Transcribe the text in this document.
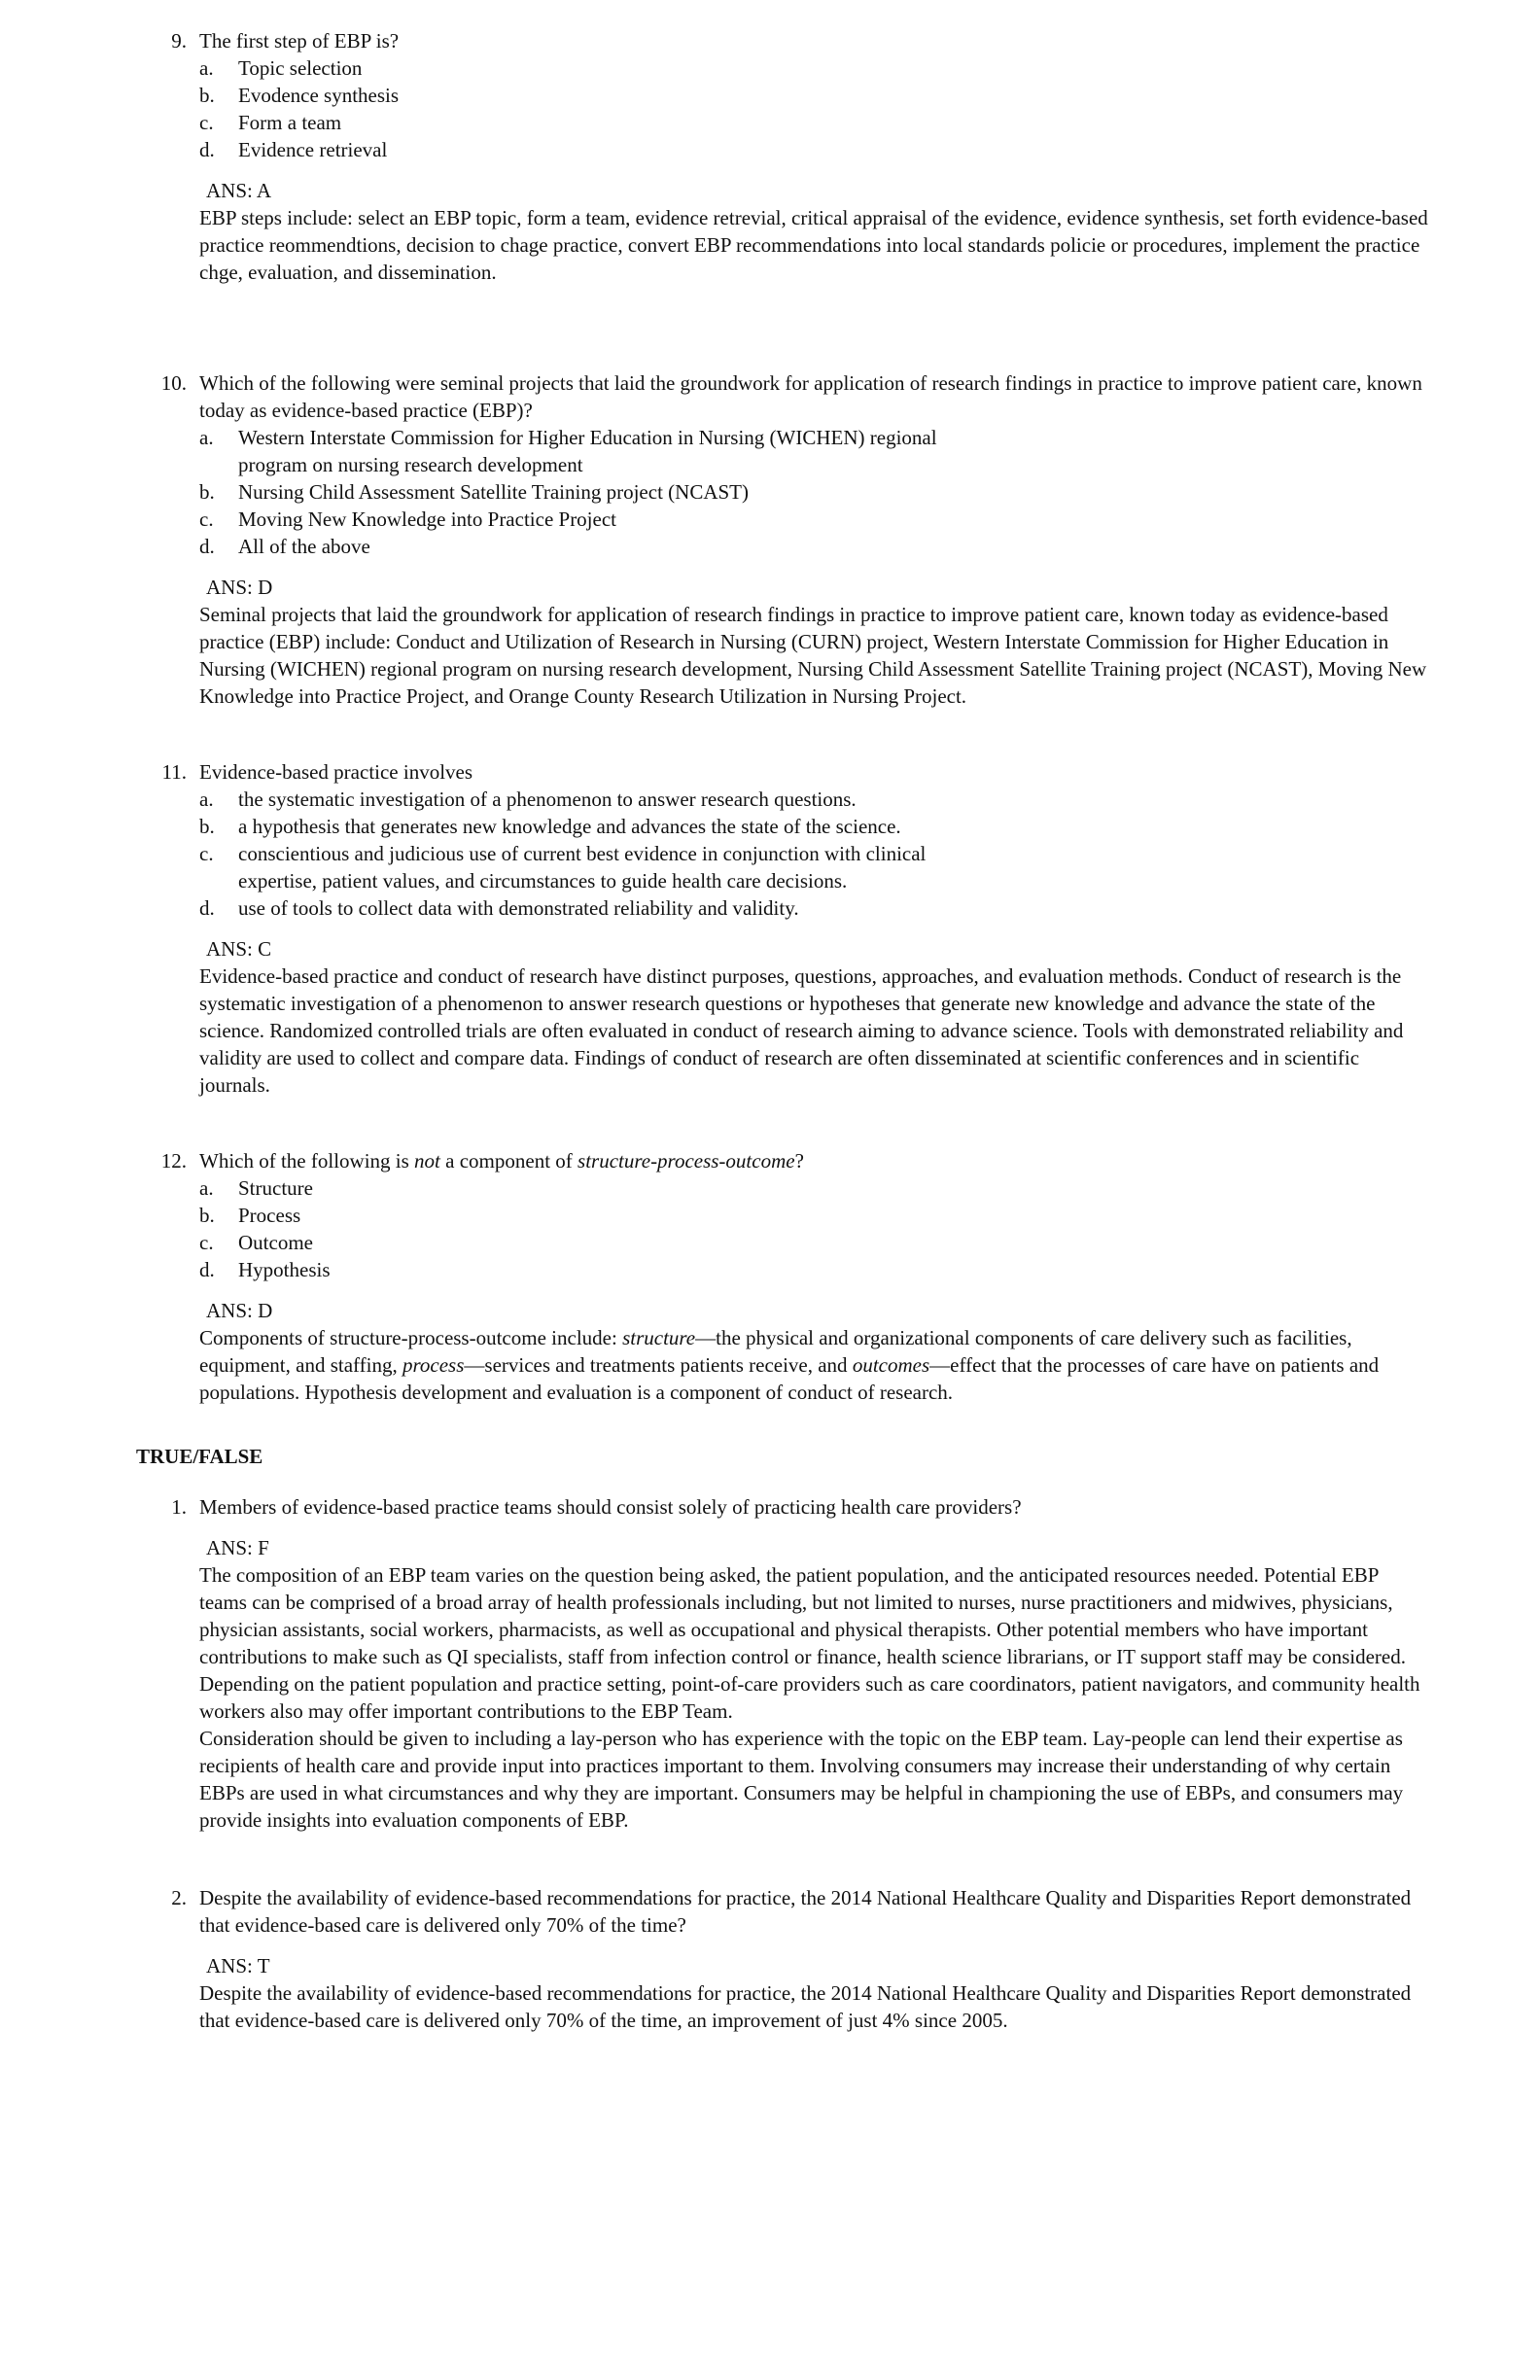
9. The first step of EBP is?
a.	Topic selection
b.	Evodence synthesis
c.	Form a team
d.	Evidence retrieval
ANS: A
EBP steps include: select an EBP topic, form a team, evidence retrevial, critical appraisal of the evidence, evidence synthesis, set forth evidence-based practice reommendtions, decision to chage practice, convert EBP recommendations into local standards policie or procedures, implement the practice chge, evaluation, and dissemination.
10. Which of the following were seminal projects that laid the groundwork for application of research findings in practice to improve patient care, known today as evidence-based practice (EBP)?
a.	Western Interstate Commission for Higher Education in Nursing (WICHEN) regional program on nursing research development
b.	Nursing Child Assessment Satellite Training project (NCAST)
c.	Moving New Knowledge into Practice Project
d.	All of the above
ANS: D
Seminal projects that laid the groundwork for application of research findings in practice to improve patient care, known today as evidence-based practice (EBP) include: Conduct and Utilization of Research in Nursing (CURN) project, Western Interstate Commission for Higher Education in Nursing (WICHEN) regional program on nursing research development, Nursing Child Assessment Satellite Training project (NCAST), Moving New Knowledge into Practice Project, and Orange County Research Utilization in Nursing Project.
11. Evidence-based practice involves
a.	the systematic investigation of a phenomenon to answer research questions.
b.	a hypothesis that generates new knowledge and advances the state of the science.
c.	conscientious and judicious use of current best evidence in conjunction with clinical expertise, patient values, and circumstances to guide health care decisions.
d.	use of tools to collect data with demonstrated reliability and validity.
ANS: C
Evidence-based practice and conduct of research have distinct purposes, questions, approaches, and evaluation methods. Conduct of research is the systematic investigation of a phenomenon to answer research questions or hypotheses that generate new knowledge and advance the state of the science. Randomized controlled trials are often evaluated in conduct of research aiming to advance science. Tools with demonstrated reliability and validity are used to collect and compare data. Findings of conduct of research are often disseminated at scientific conferences and in scientific journals.
12. Which of the following is not a component of structure-process-outcome?
a.	Structure
b.	Process
c.	Outcome
d.	Hypothesis
ANS: D
Components of structure-process-outcome include: structure—the physical and organizational components of care delivery such as facilities, equipment, and staffing, process—services and treatments patients receive, and outcomes—effect that the processes of care have on patients and populations. Hypothesis development and evaluation is a component of conduct of research.
TRUE/FALSE
1. Members of evidence-based practice teams should consist solely of practicing health care providers?
ANS: F
The composition of an EBP team varies on the question being asked, the patient population, and the anticipated resources needed. Potential EBP teams can be comprised of a broad array of health professionals including, but not limited to nurses, nurse practitioners and midwives, physicians, physician assistants, social workers, pharmacists, as well as occupational and physical therapists. Other potential members who have important contributions to make such as QI specialists, staff from infection control or finance, health science librarians, or IT support staff may be considered. Depending on the patient population and practice setting, point-of-care providers such as care coordinators, patient navigators, and community health workers also may offer important contributions to the EBP Team.
Consideration should be given to including a lay-person who has experience with the topic on the EBP team. Lay-people can lend their expertise as recipients of health care and provide input into practices important to them. Involving consumers may increase their understanding of why certain EBPs are used in what circumstances and why they are important. Consumers may be helpful in championing the use of EBPs, and consumers may provide insights into evaluation components of EBP.
2. Despite the availability of evidence-based recommendations for practice, the 2014 National Healthcare Quality and Disparities Report demonstrated that evidence-based care is delivered only 70% of the time?
ANS: T
Despite the availability of evidence-based recommendations for practice, the 2014 National Healthcare Quality and Disparities Report demonstrated that evidence-based care is delivered only 70% of the time, an improvement of just 4% since 2005.
